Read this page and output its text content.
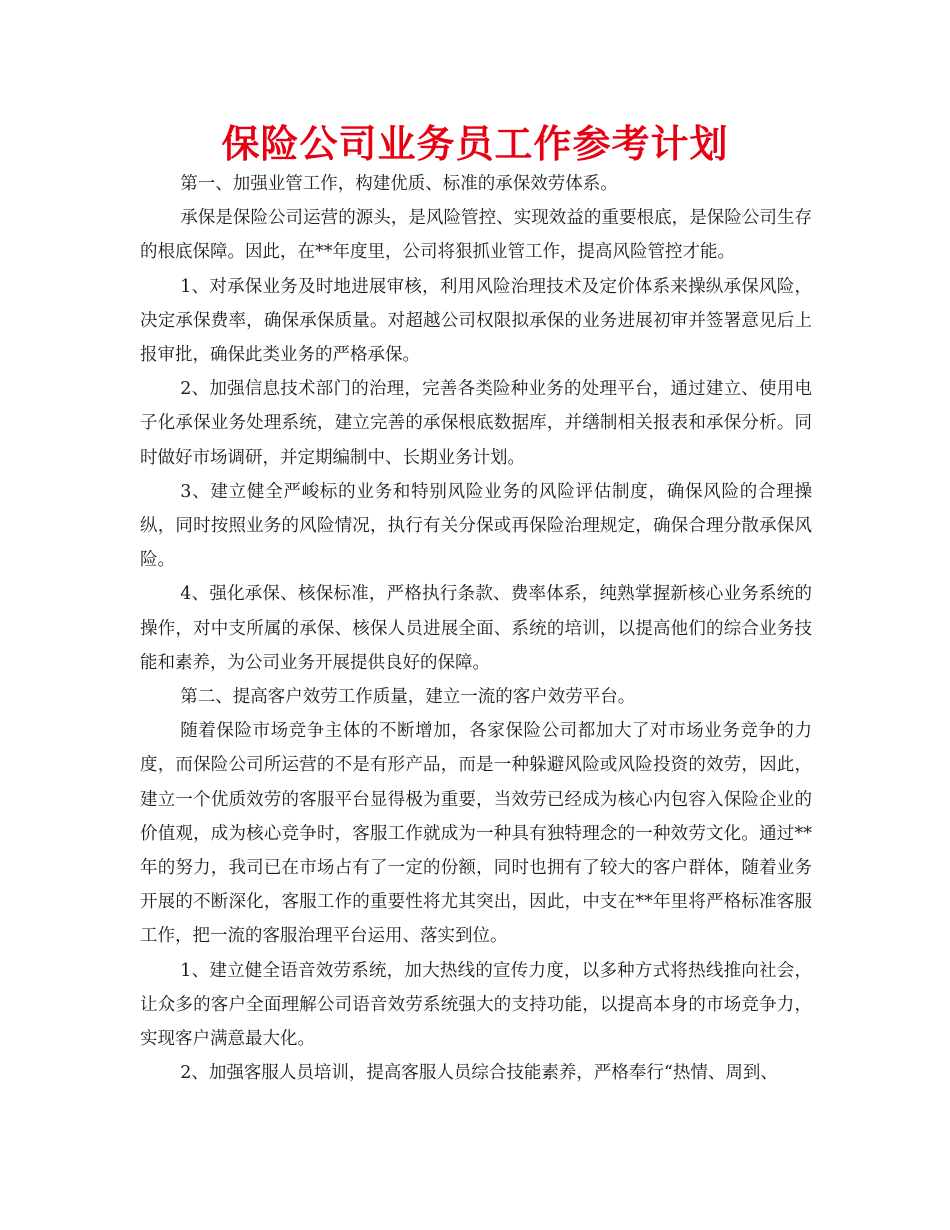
保险公司业务员工作参考计划

第一、加强业管工作，构建优质、标准的承保效劳体系。

承保是保险公司运营的源头，是风险管控、实现效益的重要根底，是保险公司生存的根底保障。因此，在**年度里，公司将狠抓业管工作，提高风险管控才能。

1、对承保业务及时地进展审核，利用风险治理技术及定价体系来操纵承保风险，决定承保费率，确保承保质量。对超越公司权限拟承保的业务进展初审并签署意见后上报审批，确保此类业务的严格承保。

2、加强信息技术部门的治理，完善各类险种业务的处理平台，通过建立、使用电子化承保业务处理系统，建立完善的承保根底数据库，并缮制相关报表和承保分析。同时做好市场调研，并定期编制中、长期业务计划。

3、建立健全严峻标的业务和特别风险业务的风险评估制度，确保风险的合理操纵，同时按照业务的风险情况，执行有关分保或再保险治理规定，确保合理分散承保风险。

4、强化承保、核保标准，严格执行条款、费率体系，纯熟掌握新核心业务系统的操作，对中支所属的承保、核保人员进展全面、系统的培训，以提高他们的综合业务技能和素养，为公司业务开展提供良好的保障。

第二、提高客户效劳工作质量，建立一流的客户效劳平台。

随着保险市场竞争主体的不断增加，各家保险公司都加大了对市场业务竞争的力度，而保险公司所运营的不是有形产品，而是一种躲避风险或风险投资的效劳，因此，建立一个优质效劳的客服平台显得极为重要，当效劳已经成为核心内包容入保险企业的价值观，成为核心竞争时，客服工作就成为一种具有独特理念的一种效劳文化。通过**年的努力，我司已在市场占有了一定的份额，同时也拥有了较大的客户群体，随着业务开展的不断深化，客服工作的重要性将尤其突出，因此，中支在**年里将严格标准客服工作，把一流的客服治理平台运用、落实到位。

1、建立健全语音效劳系统，加大热线的宣传力度，以多种方式将热线推向社会，让众多的客户全面理解公司语音效劳系统强大的支持功能，以提高本身的市场竞争力，实现客户满意最大化。

2、加强客服人员培训，提高客服人员综合技能素养，严格奉行“热情、周到、
